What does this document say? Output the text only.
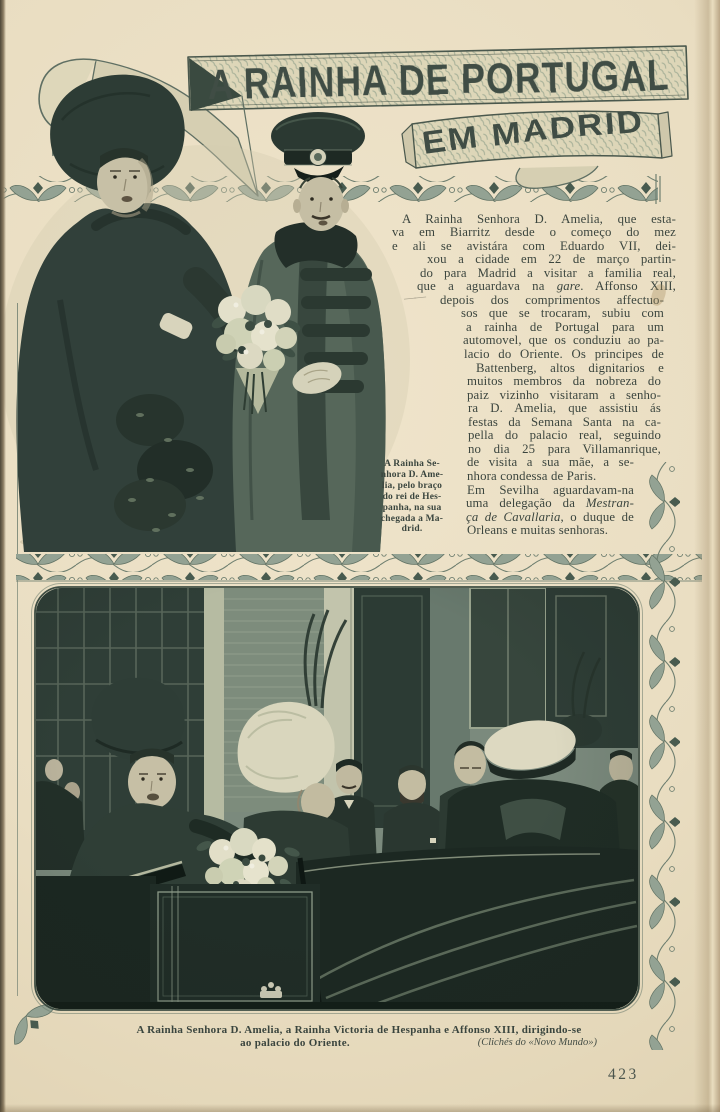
A RAINHA DE PORTUGAL
EM MADRID
A Rainha Senhora D. Amelia, que esta-
va em Biarritz desde o começo do mez
e ali se avistára com Eduardo VII, dei-
xou a cidade em 22 de março partin-
do para Madrid a visitar a familia real,
que a aguardava na gare. Affonso XIII,
depois dos comprimentos affectuo-
sos que se trocaram, subiu com
a rainha de Portugal para um
automovel, que os conduziu ao pa-
lacio do Oriente. Os principes de
Battenberg, altos dignitarios e
muitos membros da nobreza do
paiz vizinho visitaram a senho-
ra D. Amelia, que assistiu ás
festas da Semana Santa na ca-
pella do palacio real, seguindo
no dia 25 para Villamanrique,
de visita a sua mãe, a se-
nhora condessa de Paris.
Em Sevilha aguardavam-na
uma delegação da Mestran-
ça de Cavallaria, o duque de
Orleans e muitas senhoras.
——
A Rainha Se-
nhora D. Ame-
lia, pelo braço
do rei de Hes-
panha, na sua
chegada a Ma-
drid.
A Rainha Senhora D. Amelia, a Rainha Victoria de Hespanha e Affonso XIII, dirigindo-se
ao palacio do Oriente.	(Clichés do «Novo Mundo»)
423
